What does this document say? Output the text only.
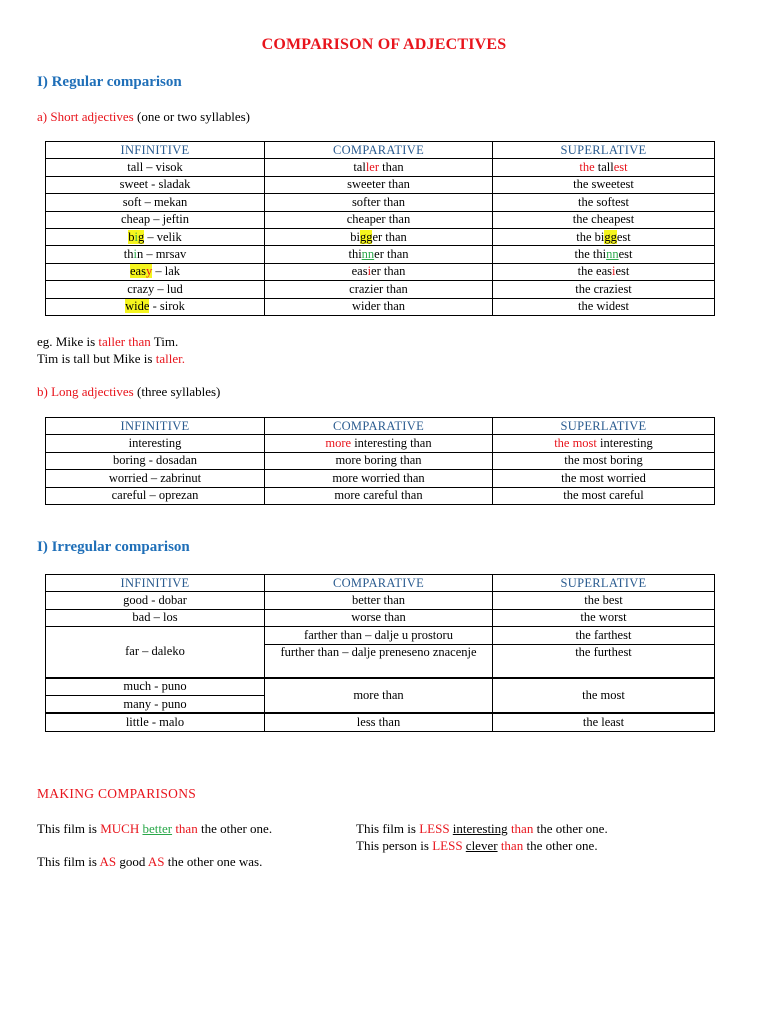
COMPARISON OF ADJECTIVES
I) Regular comparison
a) Short adjectives (one or two syllables)
INFINITIVE	COMPARATIVE	SUPERLATIVE
tall – visok	taller than	the tallest
sweet - sladak	sweeter than	the sweetest
soft – mekan	softer than	the softest
cheap – jeftin	cheaper than	the cheapest
big – velik	bigger than	the biggest
thin – mrsav	thinner than	the thinnest
easy – lak	easier than	the easiest
crazy – lud	crazier than	the craziest
wide - sirok	wider than	the widest
eg. Mike is taller than Tim.
Tim is tall but Mike is taller.
b) Long adjectives (three syllables)
INFINITIVE	COMPARATIVE	SUPERLATIVE
interesting	more interesting than	the most interesting
boring - dosadan	more boring than	the most boring
worried – zabrinut	more worried than	the most worried
careful – oprezan	more careful than	the most careful
I) Irregular comparison
INFINITIVE	COMPARATIVE	SUPERLATIVE
good - dobar	better than	the best
bad – los	worse than	the worst
far – daleko	farther than – dalje u prostoru	the farthest
	further than – dalje preneseno znacenje	the furthest
much - puno	more than	the most
many - puno		
little - malo	less than	the least
MAKING COMPARISONS
This film is MUCH better than the other one.	This film is LESS interesting than the other one.
This person is LESS clever than the other one.
This film is AS good AS the other one was.
